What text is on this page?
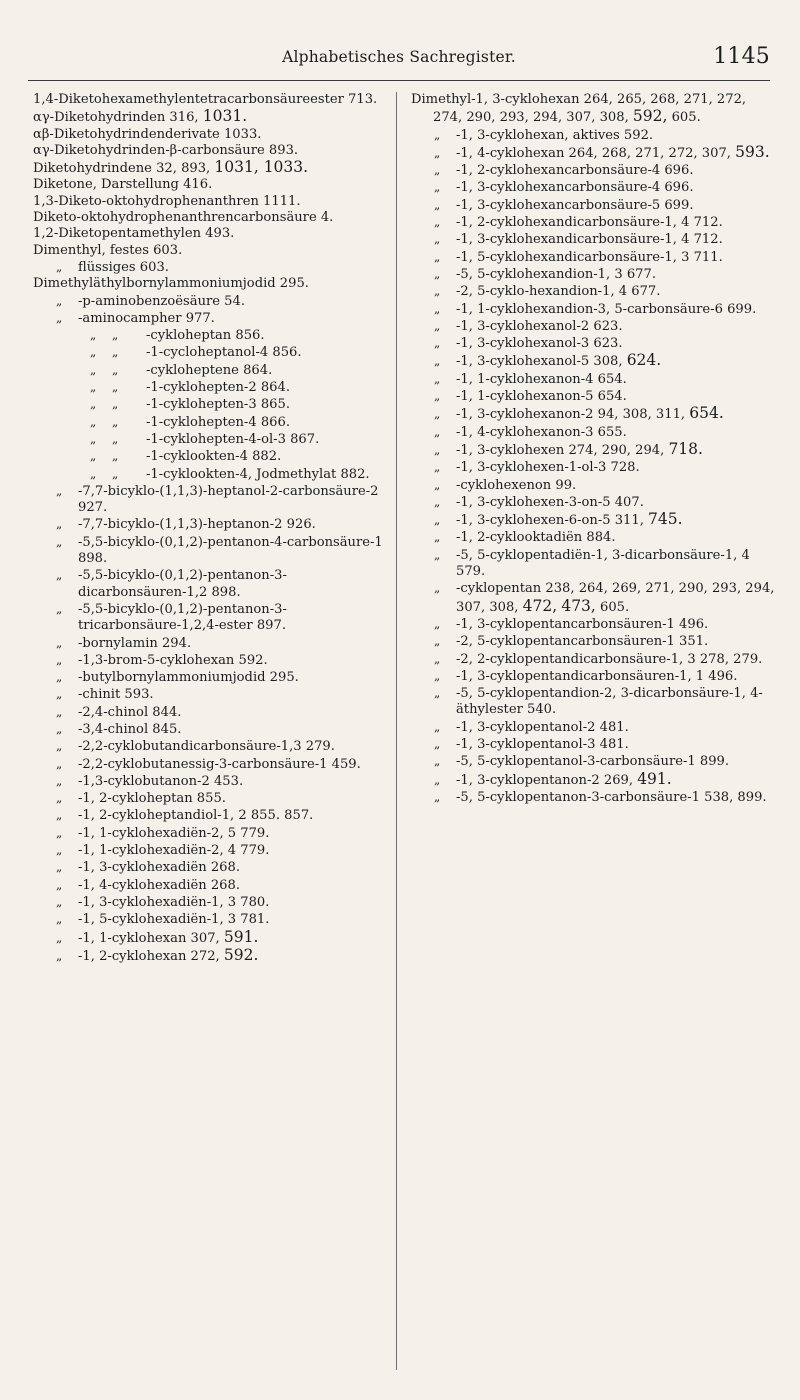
Alphabetisches Sachregister.	1145

1,4-Diketohexamethylentetracarbonsäureester 713.

αγ-Diketohydrinden 316, 1031.

αβ-Diketohydrindenderivate 1033.

αγ-Diketohydrinden-β-carbonsäure 893.

Diketohydrindene 32, 893, 1031, 1033.

Diketone, Darstellung 416.

1,3-Diketo-oktohydrophenanthren 1111.

Diketo-oktohydrophenanthrencarbonsäure 4.

1,2-Diketopentamethylen 493.

Dimenthyl, festes 603.

„ flüssiges 603.

Dimethyläthylbornylammoniumjodid 295.

„ -p-aminobenzoësäure 54.

„ -aminocampher 977.

„ „ -cykloheptan 856.

„ „ -1-cycloheptanol-4 856.

„ „ -cykloheptene 864.

„ „ -1-cyklohepten-2 864.

„ „ -1-cyklohepten-3 865.

„ „ -1-cyklohepten-4 866.

„ „ -1-cyklohepten-4-ol-3 867.

„ „ -1-cyklookten-4 882.

„ „ -1-cyklookten-4, Jodmethylat 882.

„ -7,7-bicyklo-(1,1,3)-heptanol-2-carbonsäure-2 927.

„ -7,7-bicyklo-(1,1,3)-heptanon-2 926.

„ -5,5-bicyklo-(0,1,2)-pentanon-4-carbonsäure-1 898.

„ -5,5-bicyklo-(0,1,2)-pentanon-3-dicarbonsäuren-1,2 898.

„ -5,5-bicyklo-(0,1,2)-pentanon-3-tricarbonsäure-1,2,4-ester 897.

„ -bornylamin 294.

„ -1,3-brom-5-cyklohexan 592.

„ -butylbornylammoniumjodid 295.

„ -chinit 593.

„ -2,4-chinol 844.

„ -3,4-chinol 845.

„ -2,2-cyklobutandicarbonsäure-1,3 279.

„ -2,2-cyklobutanessig-3-carbonsäure-1 459.

„ -1,3-cyklobutanon-2 453.

„ -1, 2-cykloheptan 855.

„ -1, 2-cykloheptandiol-1, 2 855. 857.

„ -1, 1-cyklohexadiën-2, 5 779.

„ -1, 1-cyklohexadiën-2, 4 779.

„ -1, 3-cyklohexadiën 268.

„ -1, 4-cyklohexadiën 268.

„ -1, 3-cyklohexadiën-1, 3 780.

„ -1, 5-cyklohexadiën-1, 3 781.

„ -1, 1-cyklohexan 307, 591.

„ -1, 2-cyklohexan 272, 592.

Dimethyl-1, 3-cyklohexan 264, 265, 268, 271, 272, 274, 290, 293, 294, 307, 308, 592, 605.

„ -1, 3-cyklohexan, aktives 592.

„ -1, 4-cyklohexan 264, 268, 271, 272, 307, 593.

„ -1, 2-cyklohexancarbonsäure-4 696.

„ -1, 3-cyklohexancarbonsäure-4 696.

„ -1, 3-cyklohexancarbonsäure-5 699.

„ -1, 2-cyklohexandicarbonsäure-1, 4 712.

„ -1, 3-cyklohexandicarbonsäure-1, 4 712.

„ -1, 5-cyklohexandicarbonsäure-1, 3 711.

„ -5, 5-cyklohexandion-1, 3 677.

„ -2, 5-cyklo-hexandion-1, 4 677.

„ -1, 1-cyklohexandion-3, 5-carbonsäure-6 699.

„ -1, 3-cyklohexanol-2 623.

„ -1, 3-cyklohexanol-3 623.

„ -1, 3-cyklohexanol-5 308, 624.

„ -1, 1-cyklohexanon-4 654.

„ -1, 1-cyklohexanon-5 654.

„ -1, 3-cyklohexanon-2 94, 308, 311, 654.

„ -1, 4-cyklohexanon-3 655.

„ -1, 3-cyklohexen 274, 290, 294, 718.

„ -1, 3-cyklohexen-1-ol-3 728.

„ -cyklohexenon 99.

„ -1, 3-cyklohexen-3-on-5 407.

„ -1, 3-cyklohexen-6-on-5 311, 745.

„ -1, 2-cyklooktadiën 884.

„ -5, 5-cyklopentadiën-1, 3-dicarbonsäure-1, 4 579.

„ -cyklopentan 238, 264, 269, 271, 290, 293, 294, 307, 308, 472, 473, 605.

„ -1, 3-cyklopentancarbonsäuren-1 496.

„ -2, 5-cyklopentancarbonsäuren-1 351.

„ -2, 2-cyklopentandicarbonsäure-1, 3 278, 279.

„ -1, 3-cyklopentandicarbonsäuren-1, 1 496.

„ -5, 5-cyklopentandion-2, 3-dicarbonsäure-1, 4-äthylester 540.

„ -1, 3-cyklopentanol-2 481.

„ -1, 3-cyklopentanol-3 481.

„ -5, 5-cyklopentanol-3-carbonsäure-1 899.

„ -1, 3-cyklopentanon-2 269, 491.

„ -5, 5-cyklopentanon-3-carbonsäure-1 538, 899.
